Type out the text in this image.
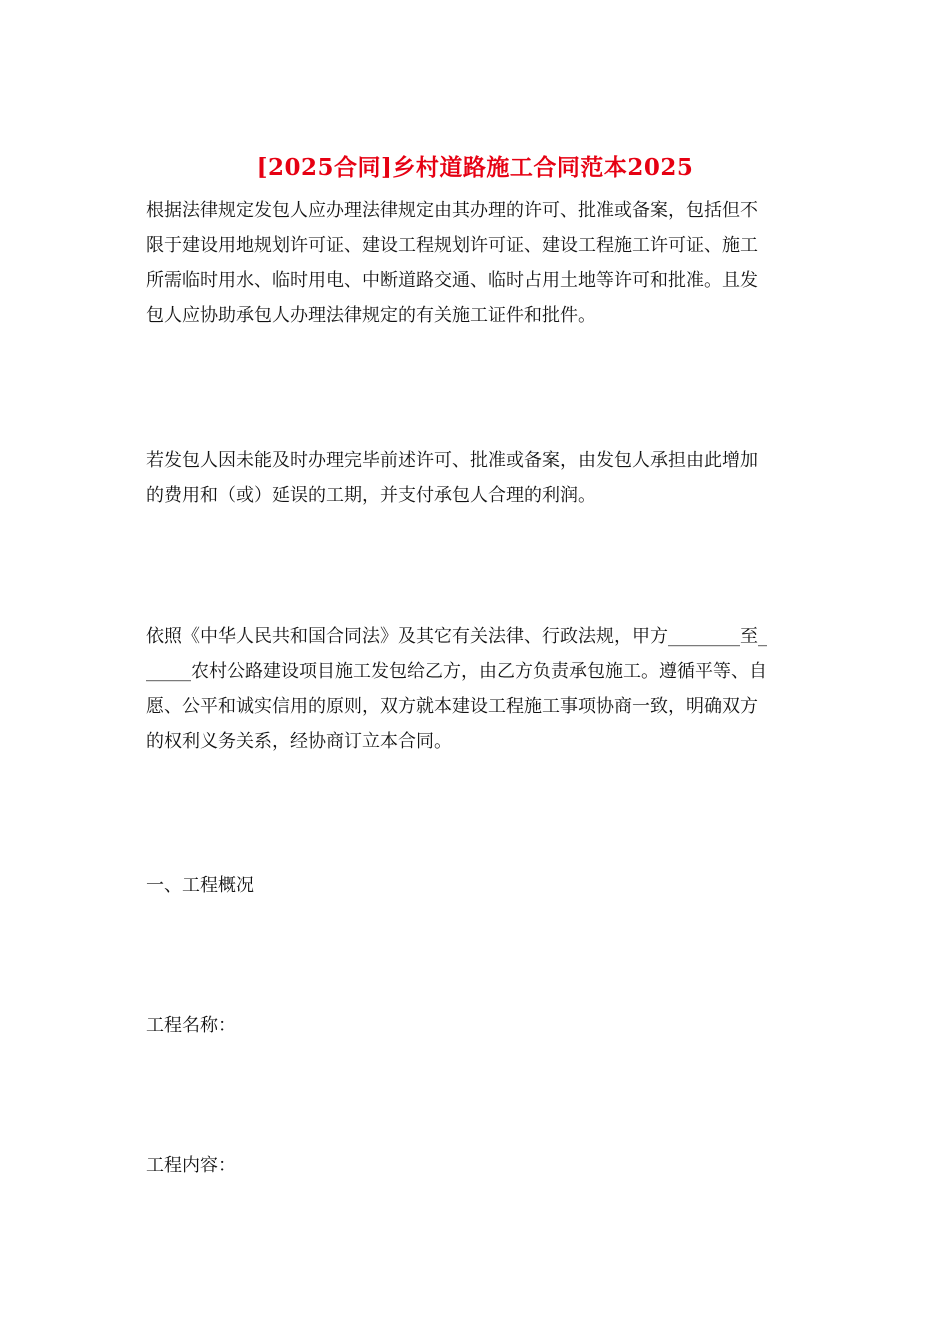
[2025合同]乡村道路施工合同范本2025
根据法律规定发包人应办理法律规定由其办理的许可、批准或备案，包括但不
限于建设用地规划许可证、建设工程规划许可证、建设工程施工许可证、施工
所需临时用水、临时用电、中断道路交通、临时占用土地等许可和批准。且发
包人应协助承包人办理法律规定的有关施工证件和批件。
若发包人因未能及时办理完毕前述许可、批准或备案，由发包人承担由此增加
的费用和（或）延误的工期，并支付承包人合理的利润。
依照《中华人民共和国合同法》及其它有关法律、行政法规，甲方________至_
_____农村公路建设项目施工发包给乙方，由乙方负责承包施工。遵循平等、自
愿、公平和诚实信用的原则，双方就本建设工程施工事项协商一致，明确双方
的权利义务关系，经协商订立本合同。
一、工程概况
工程名称：
工程内容：
